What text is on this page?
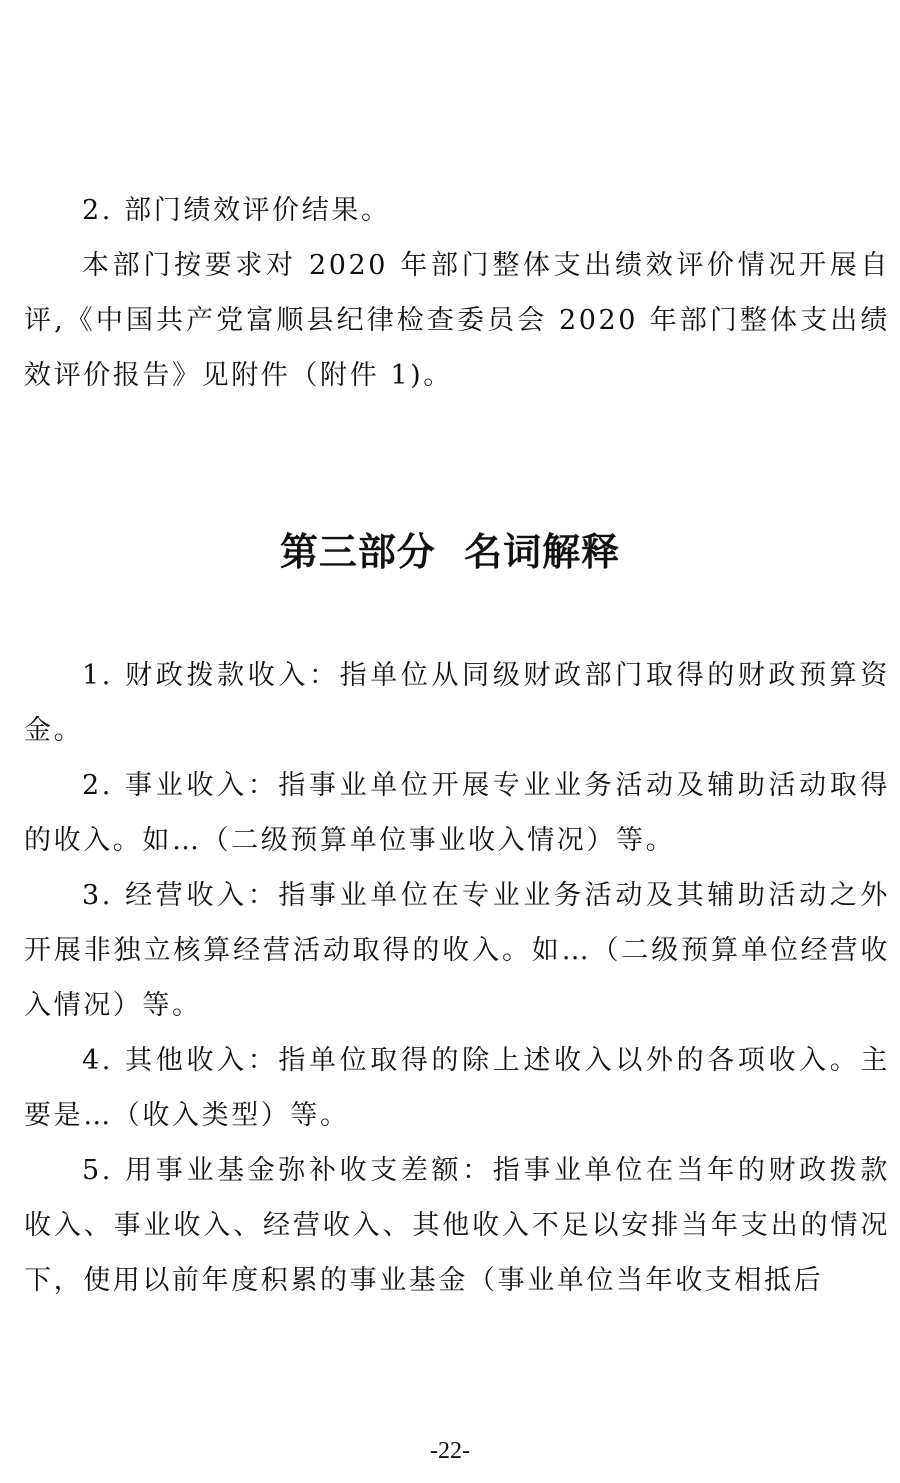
2. 部门绩效评价结果。

本部门按要求对 2020 年部门整体支出绩效评价情况开展自评,《中国共产党富顺县纪律检查委员会 2020 年部门整体支出绩效评价报告》见附件（附件 1)。

第三部分 名词解释

1. 财政拨款收入：指单位从同级财政部门取得的财政预算资金。

2. 事业收入：指事业单位开展专业业务活动及辅助活动取得的收入。如…（二级预算单位事业收入情况）等。

3. 经营收入：指事业单位在专业业务活动及其辅助活动之外开展非独立核算经营活动取得的收入。如…（二级预算单位经营收入情况）等。

4. 其他收入：指单位取得的除上述收入以外的各项收入。主要是…（收入类型）等。

5. 用事业基金弥补收支差额：指事业单位在当年的财政拨款收入、事业收入、经营收入、其他收入不足以安排当年支出的情况下，使用以前年度积累的事业基金（事业单位当年收支相抵后

-22-
